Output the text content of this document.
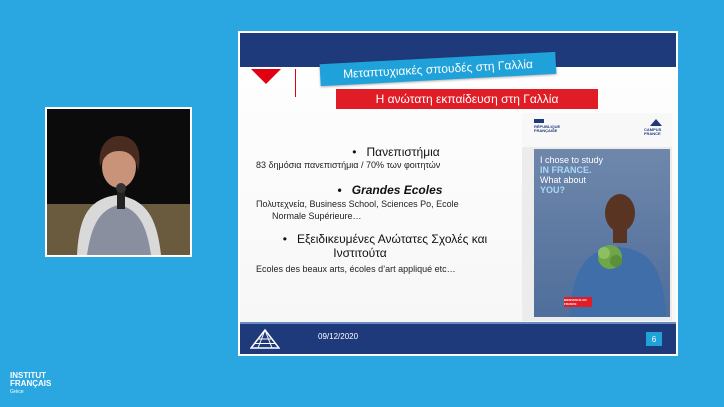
Μεταπτυχιακές σπουδές στη Γαλλία
Η ανώτατη εκπαίδευση στη Γαλλία
• Πανεπιστήμια
83 δημόσια πανεπιστήμια / 70% των φοιτητών
• Grandes Ecoles
Πολυτεχνεία, Business School, Sciences Po, Ecole
Normale Supérieure…
• Εξειδικευμένες Ανώτατες Σχολές και
Ινστιτούτα
Ecoles des beaux arts, écoles d’art appliqué etc…
RÉPUBLIQUE
FRANÇAISE	CAMPUS
FRANCE
I chose to study
IN FRANCE.
What about
YOU?
BIENVENUE EN FRANCE
09/12/2020	6
INSTITUT
FRANÇAIS
Grèce
